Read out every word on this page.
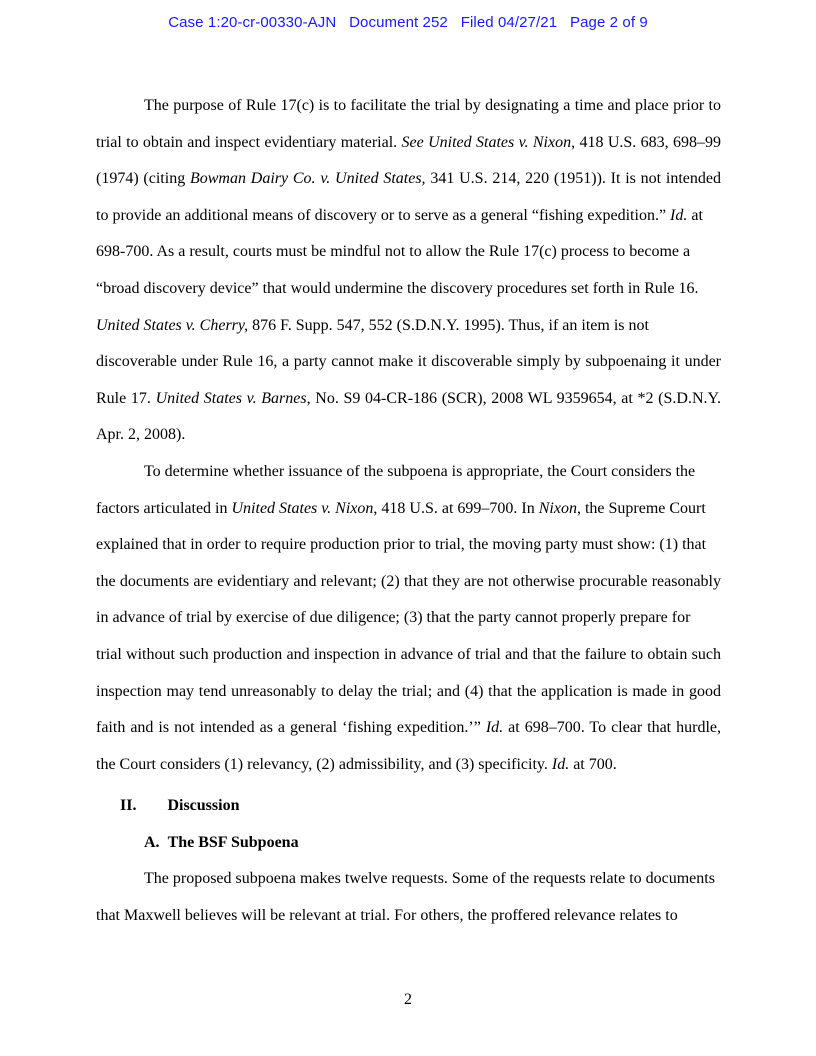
Case 1:20-cr-00330-AJN Document 252 Filed 04/27/21 Page 2 of 9
The purpose of Rule 17(c) is to facilitate the trial by designating a time and place prior to
trial to obtain and inspect evidentiary material. See United States v. Nixon, 418 U.S. 683, 698–99
(1974) (citing Bowman Dairy Co. v. United States, 341 U.S. 214, 220 (1951)). It is not intended
to provide an additional means of discovery or to serve as a general “fishing expedition.” Id. at
698-700. As a result, courts must be mindful not to allow the Rule 17(c) process to become a
“broad discovery device” that would undermine the discovery procedures set forth in Rule 16.
United States v. Cherry, 876 F. Supp. 547, 552 (S.D.N.Y. 1995). Thus, if an item is not
discoverable under Rule 16, a party cannot make it discoverable simply by subpoenaing it under
Rule 17. United States v. Barnes, No. S9 04-CR-186 (SCR), 2008 WL 9359654, at *2 (S.D.N.Y.
Apr. 2, 2008).
To determine whether issuance of the subpoena is appropriate, the Court considers the
factors articulated in United States v. Nixon, 418 U.S. at 699–700. In Nixon, the Supreme Court
explained that in order to require production prior to trial, the moving party must show: (1) that
the documents are evidentiary and relevant; (2) that they are not otherwise procurable reasonably
in advance of trial by exercise of due diligence; (3) that the party cannot properly prepare for
trial without such production and inspection in advance of trial and that the failure to obtain such
inspection may tend unreasonably to delay the trial; and (4) that the application is made in good
faith and is not intended as a general ‘fishing expedition.’” Id. at 698–700. To clear that hurdle,
the Court considers (1) relevancy, (2) admissibility, and (3) specificity. Id. at 700.
The proposed subpoena makes twelve requests. Some of the requests relate to documents
that Maxwell believes will be relevant at trial. For others, the proffered relevance relates to
II. Discussion
A. The BSF Subpoena
2
